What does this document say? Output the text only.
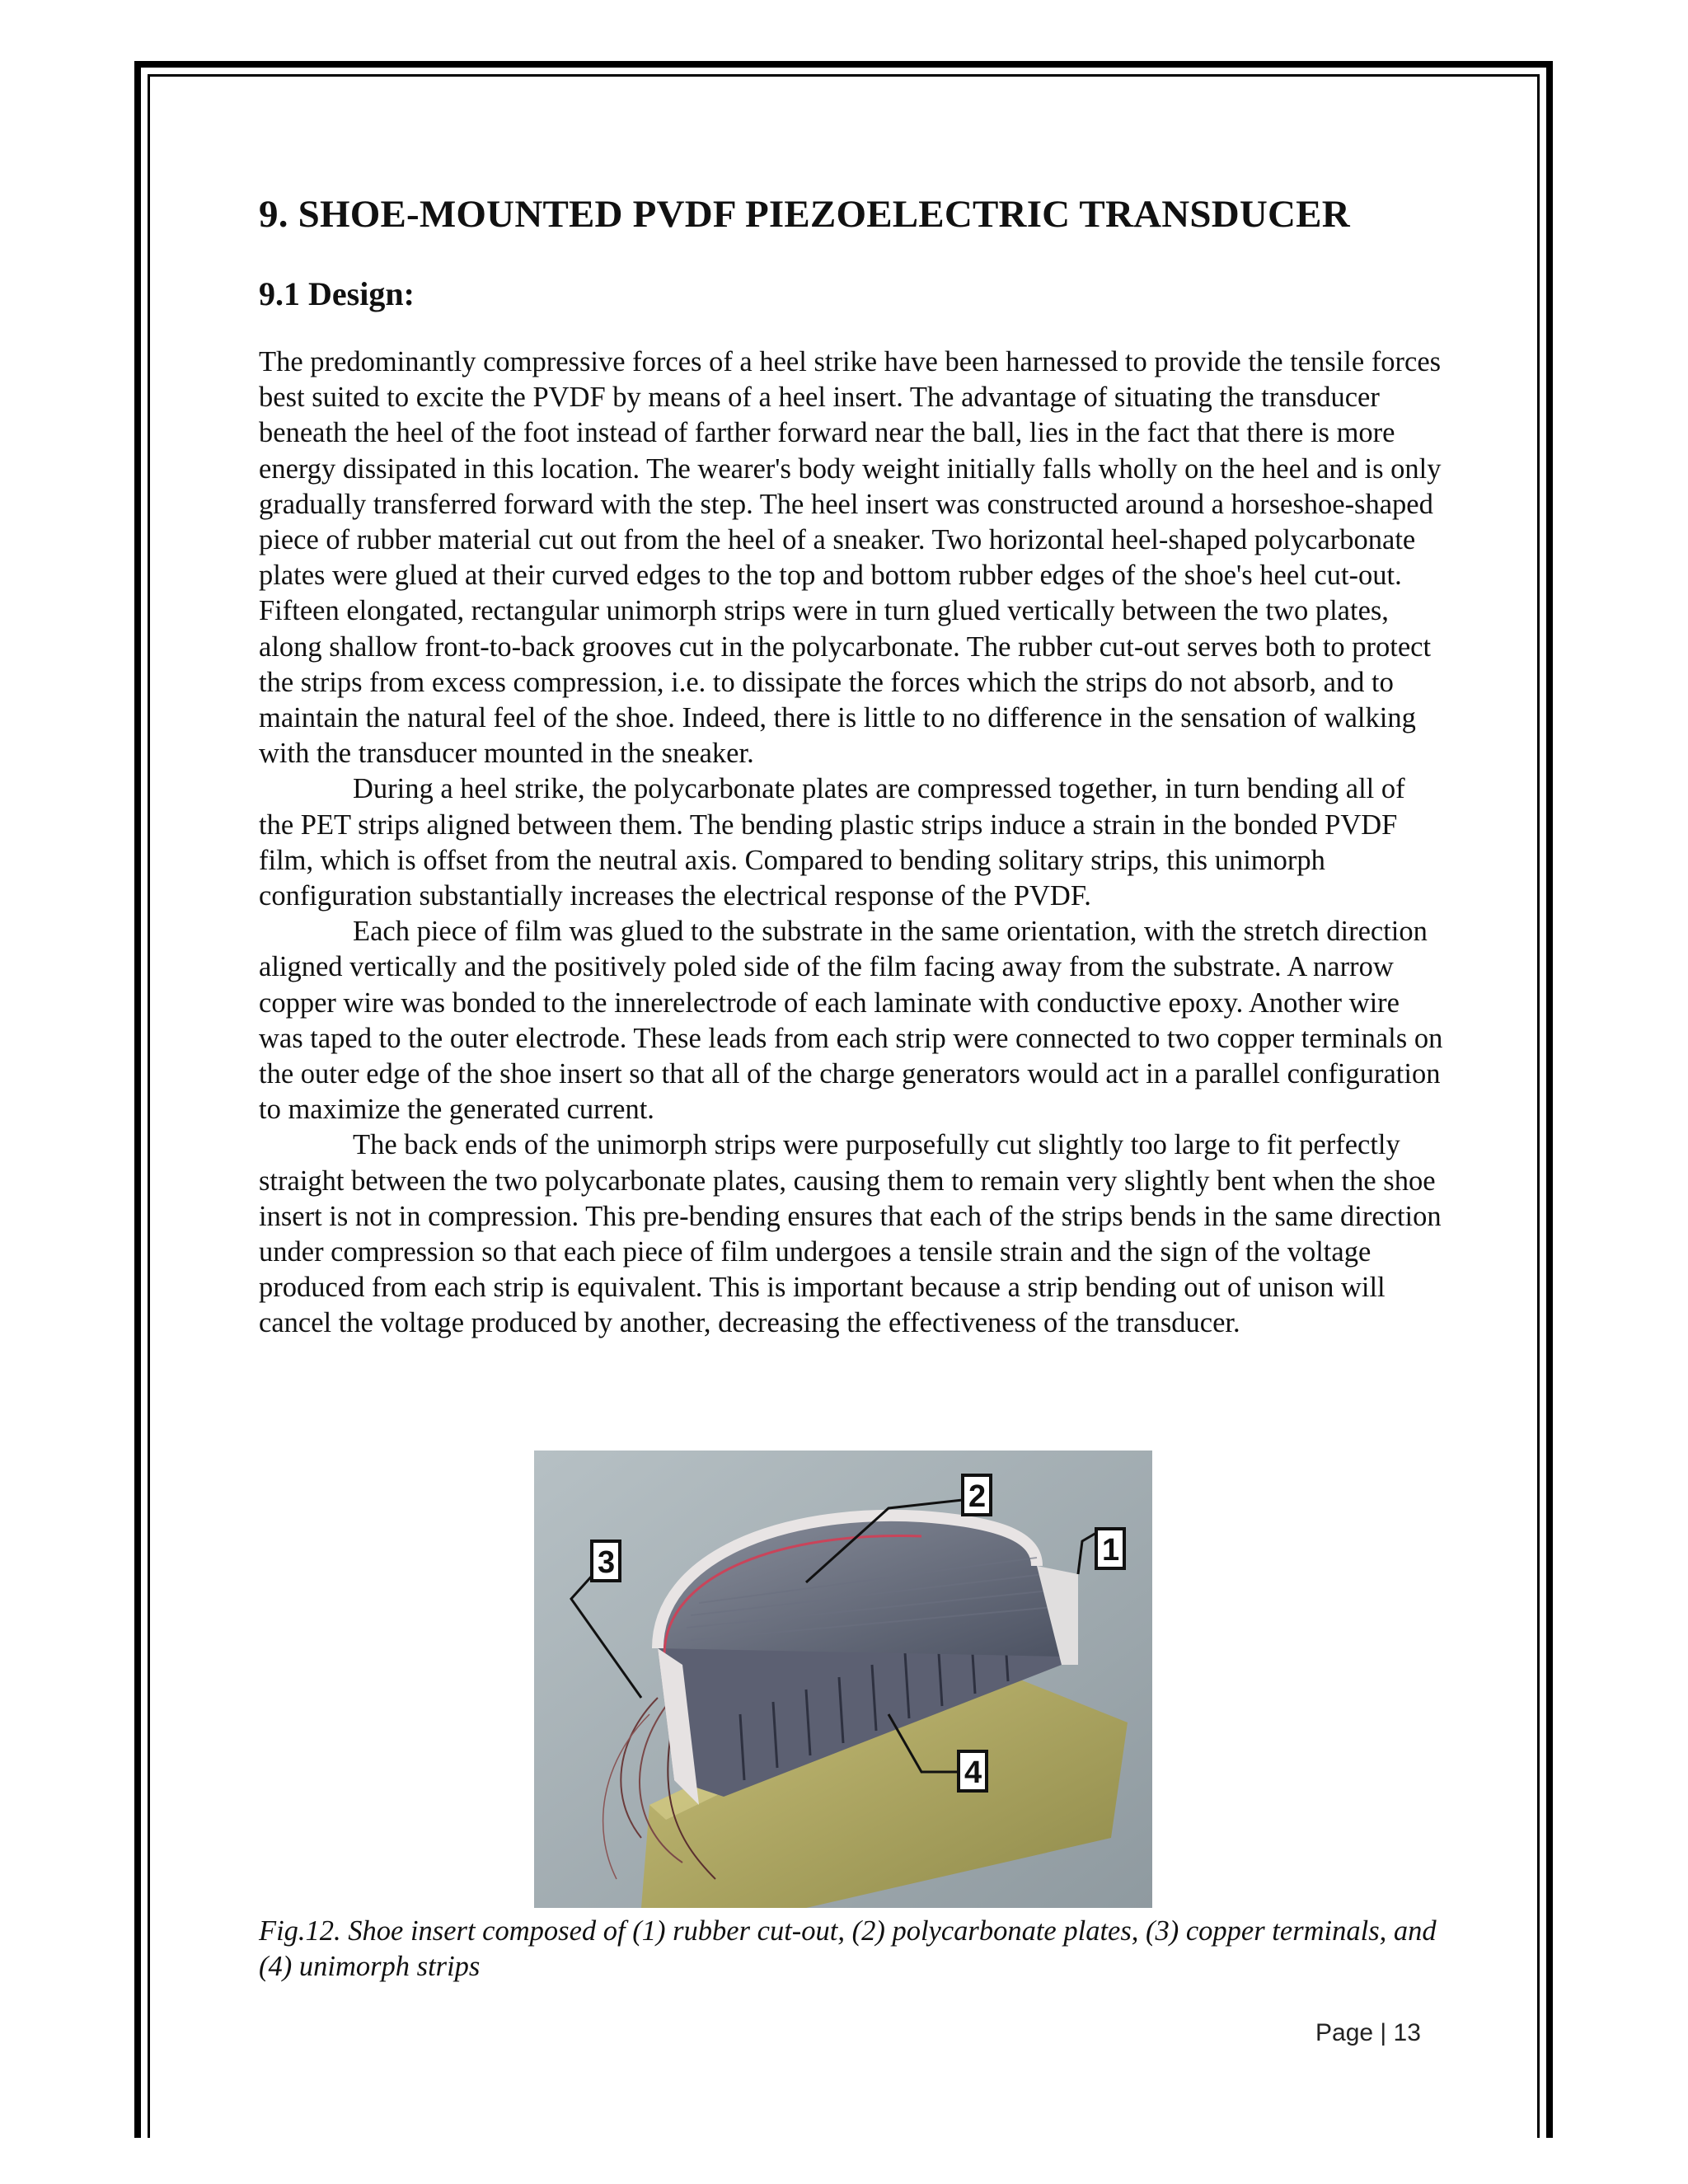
9. SHOE-MOUNTED PVDF PIEZOELECTRIC TRANSDUCER
9.1 Design:

The predominantly compressive forces of a heel strike have been harnessed to provide the tensile forces best suited to excite the PVDF by means of a heel insert. The advantage of situating the transducer beneath the heel of the foot instead of farther forward near the ball, lies in the fact that there is more energy dissipated in this location. The wearer's body weight initially falls wholly on the heel and is only gradually transferred forward with the step. The heel insert was constructed around a horseshoe-shaped piece of rubber material cut out from the heel of a sneaker. Two horizontal heel-shaped polycarbonate plates were glued at their curved edges to the top and bottom rubber edges of the shoe's heel cut-out. Fifteen elongated, rectangular unimorph strips were in turn glued vertically between the two plates, along shallow front-to-back grooves cut in the polycarbonate. The rubber cut-out serves both to protect the strips from excess compression, i.e. to dissipate the forces which the strips do not absorb, and to maintain the natural feel of the shoe. Indeed, there is little to no difference in the sensation of walking with the transducer mounted in the sneaker.

During a heel strike, the polycarbonate plates are compressed together, in turn bending all of the PET strips aligned between them. The bending plastic strips induce a strain in the bonded PVDF film, which is offset from the neutral axis. Compared to bending solitary strips, this unimorph configuration substantially increases the electrical response of the PVDF.

Each piece of film was glued to the substrate in the same orientation, with the stretch direction aligned vertically and the positively poled side of the film facing away from the substrate. A narrow copper wire was bonded to the innerelectrode of each laminate with conductive epoxy. Another wire was taped to the outer electrode. These leads from each strip were connected to two copper terminals on the outer edge of the shoe insert so that all of the charge generators would act in a parallel configuration to maximize the generated current.

The back ends of the unimorph strips were purposefully cut slightly too large to fit perfectly straight between the two polycarbonate plates, causing them to remain very slightly bent when the shoe insert is not in compression. This pre-bending ensures that each of the strips bends in the same direction under compression so that each piece of film undergoes a tensile strain and the sign of the voltage produced from each strip is equivalent. This is important because a strip bending out of unison will cancel the voltage produced by another, decreasing the effectiveness of the transducer.

2
1
3
4
Fig.12. Shoe insert composed of (1) rubber cut-out, (2) polycarbonate plates, (3) copper terminals, and (4) unimorph strips
Page | 13
